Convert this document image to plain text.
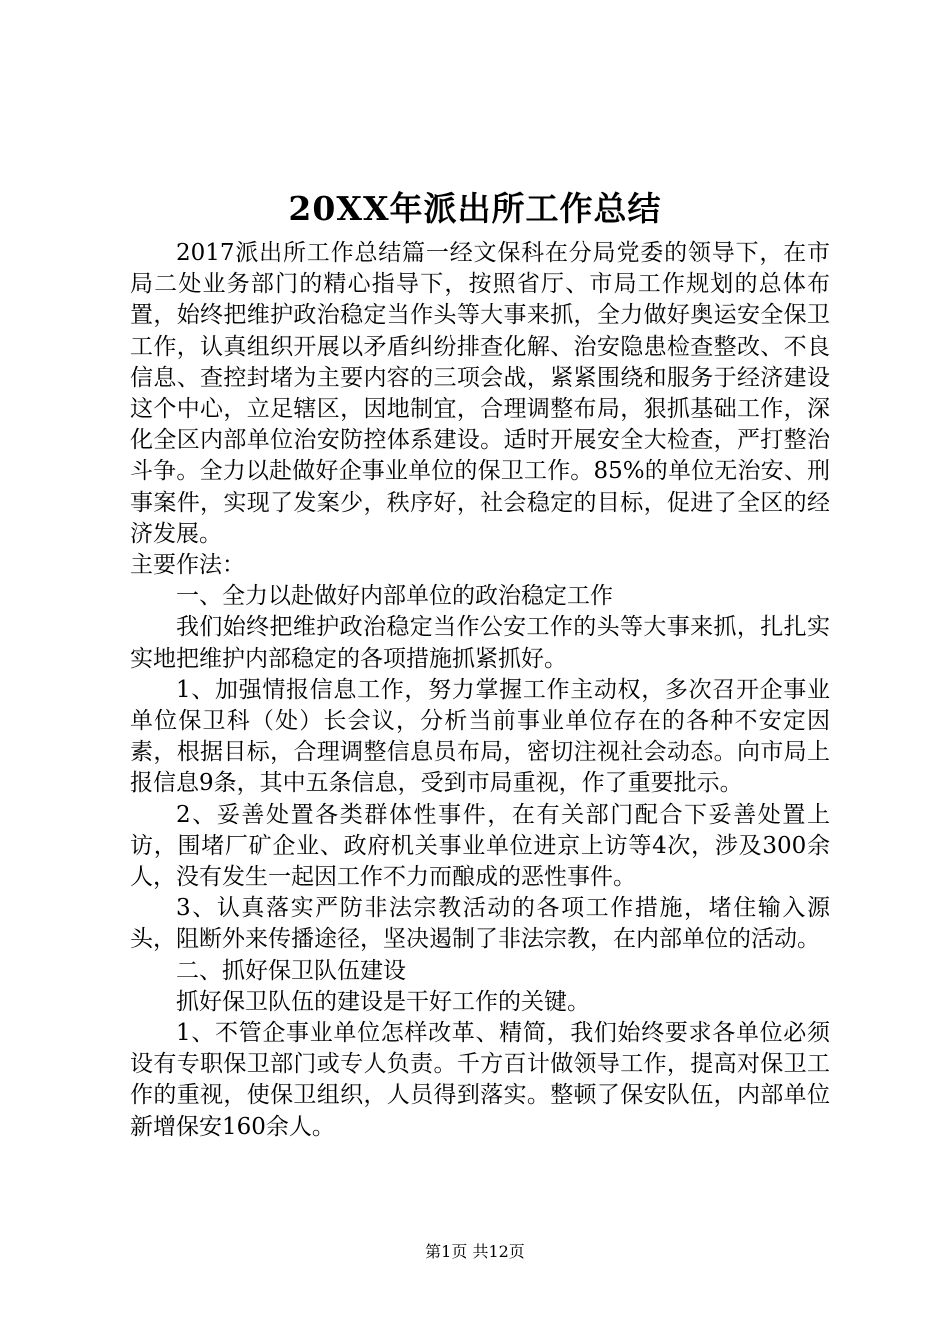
20XX年派出所工作总结

2017派出所工作总结篇一经文保科在分局党委的领导下，在市局二处业务部门的精心指导下，按照省厅、市局工作规划的总体布置，始终把维护政治稳定当作头等大事来抓，全力做好奥运安全保卫工作，认真组织开展以矛盾纠纷排查化解、治安隐患检查整改、不良信息、查控封堵为主要内容的三项会战，紧紧围绕和服务于经济建设这个中心，立足辖区，因地制宜，合理调整布局，狠抓基础工作，深化全区内部单位治安防控体系建设。适时开展安全大检查，严打整治斗争。全力以赴做好企事业单位的保卫工作。85%的单位无治安、刑事案件，实现了发案少，秩序好，社会稳定的目标，促进了全区的经济发展。

主要作法：

一、全力以赴做好内部单位的政治稳定工作

我们始终把维护政治稳定当作公安工作的头等大事来抓，扎扎实实地把维护内部稳定的各项措施抓紧抓好。

1、加强情报信息工作，努力掌握工作主动权，多次召开企事业单位保卫科（处）长会议，分析当前事业单位存在的各种不安定因素，根据目标，合理调整信息员布局，密切注视社会动态。向市局上报信息9条，其中五条信息，受到市局重视，作了重要批示。

2、妥善处置各类群体性事件，在有关部门配合下妥善处置上访，围堵厂矿企业、政府机关事业单位进京上访等4次，涉及300余人，没有发生一起因工作不力而酿成的恶性事件。

3、认真落实严防非法宗教活动的各项工作措施，堵住输入源头，阻断外来传播途径，坚决遏制了非法宗教，在内部单位的活动。

二、抓好保卫队伍建设

抓好保卫队伍的建设是干好工作的关键。

1、不管企事业单位怎样改革、精简，我们始终要求各单位必须设有专职保卫部门或专人负责。千方百计做领导工作，提高对保卫工作的重视，使保卫组织，人员得到落实。整顿了保安队伍，内部单位新增保安160余人。

第1页 共12页
